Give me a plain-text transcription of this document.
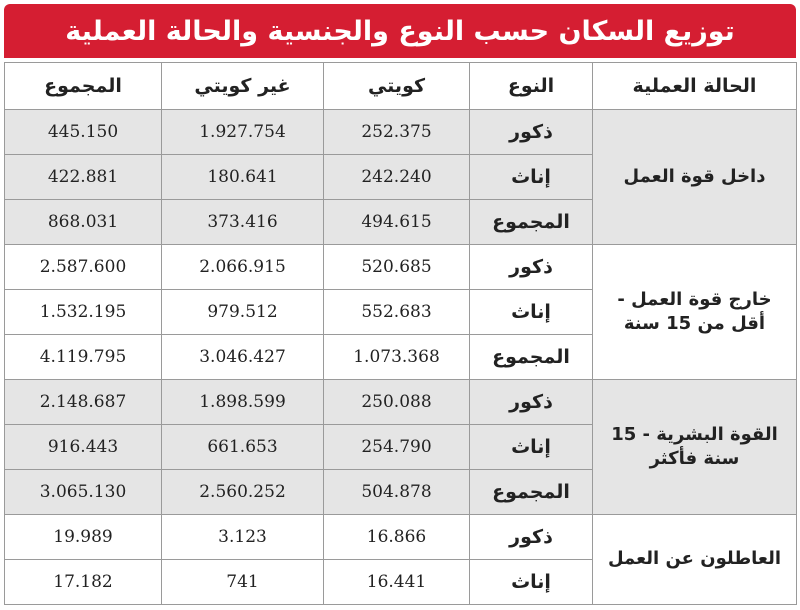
توزيع السكان حسب النوع والجنسية والحالة العملية
الحالة العملية	النوع	كويتي	غير كويتي	المجموع
داخل قوة العمل	ذكور	252.375	1.927.754	445.150
	إناث	242.240	180.641	422.881
	المجموع	494.615	373.416	868.031
خارج قوة العمل - أقل من 15 سنة	ذكور	520.685	2.066.915	2.587.600
	إناث	552.683	979.512	1.532.195
	المجموع	1.073.368	3.046.427	4.119.795
القوة البشرية - 15 سنة فأكثر	ذكور	250.088	1.898.599	2.148.687
	إناث	254.790	661.653	916.443
	المجموع	504.878	2.560.252	3.065.130
العاطلون عن العمل	ذكور	16.866	3.123	19.989
	إناث	16.441	741	17.182
